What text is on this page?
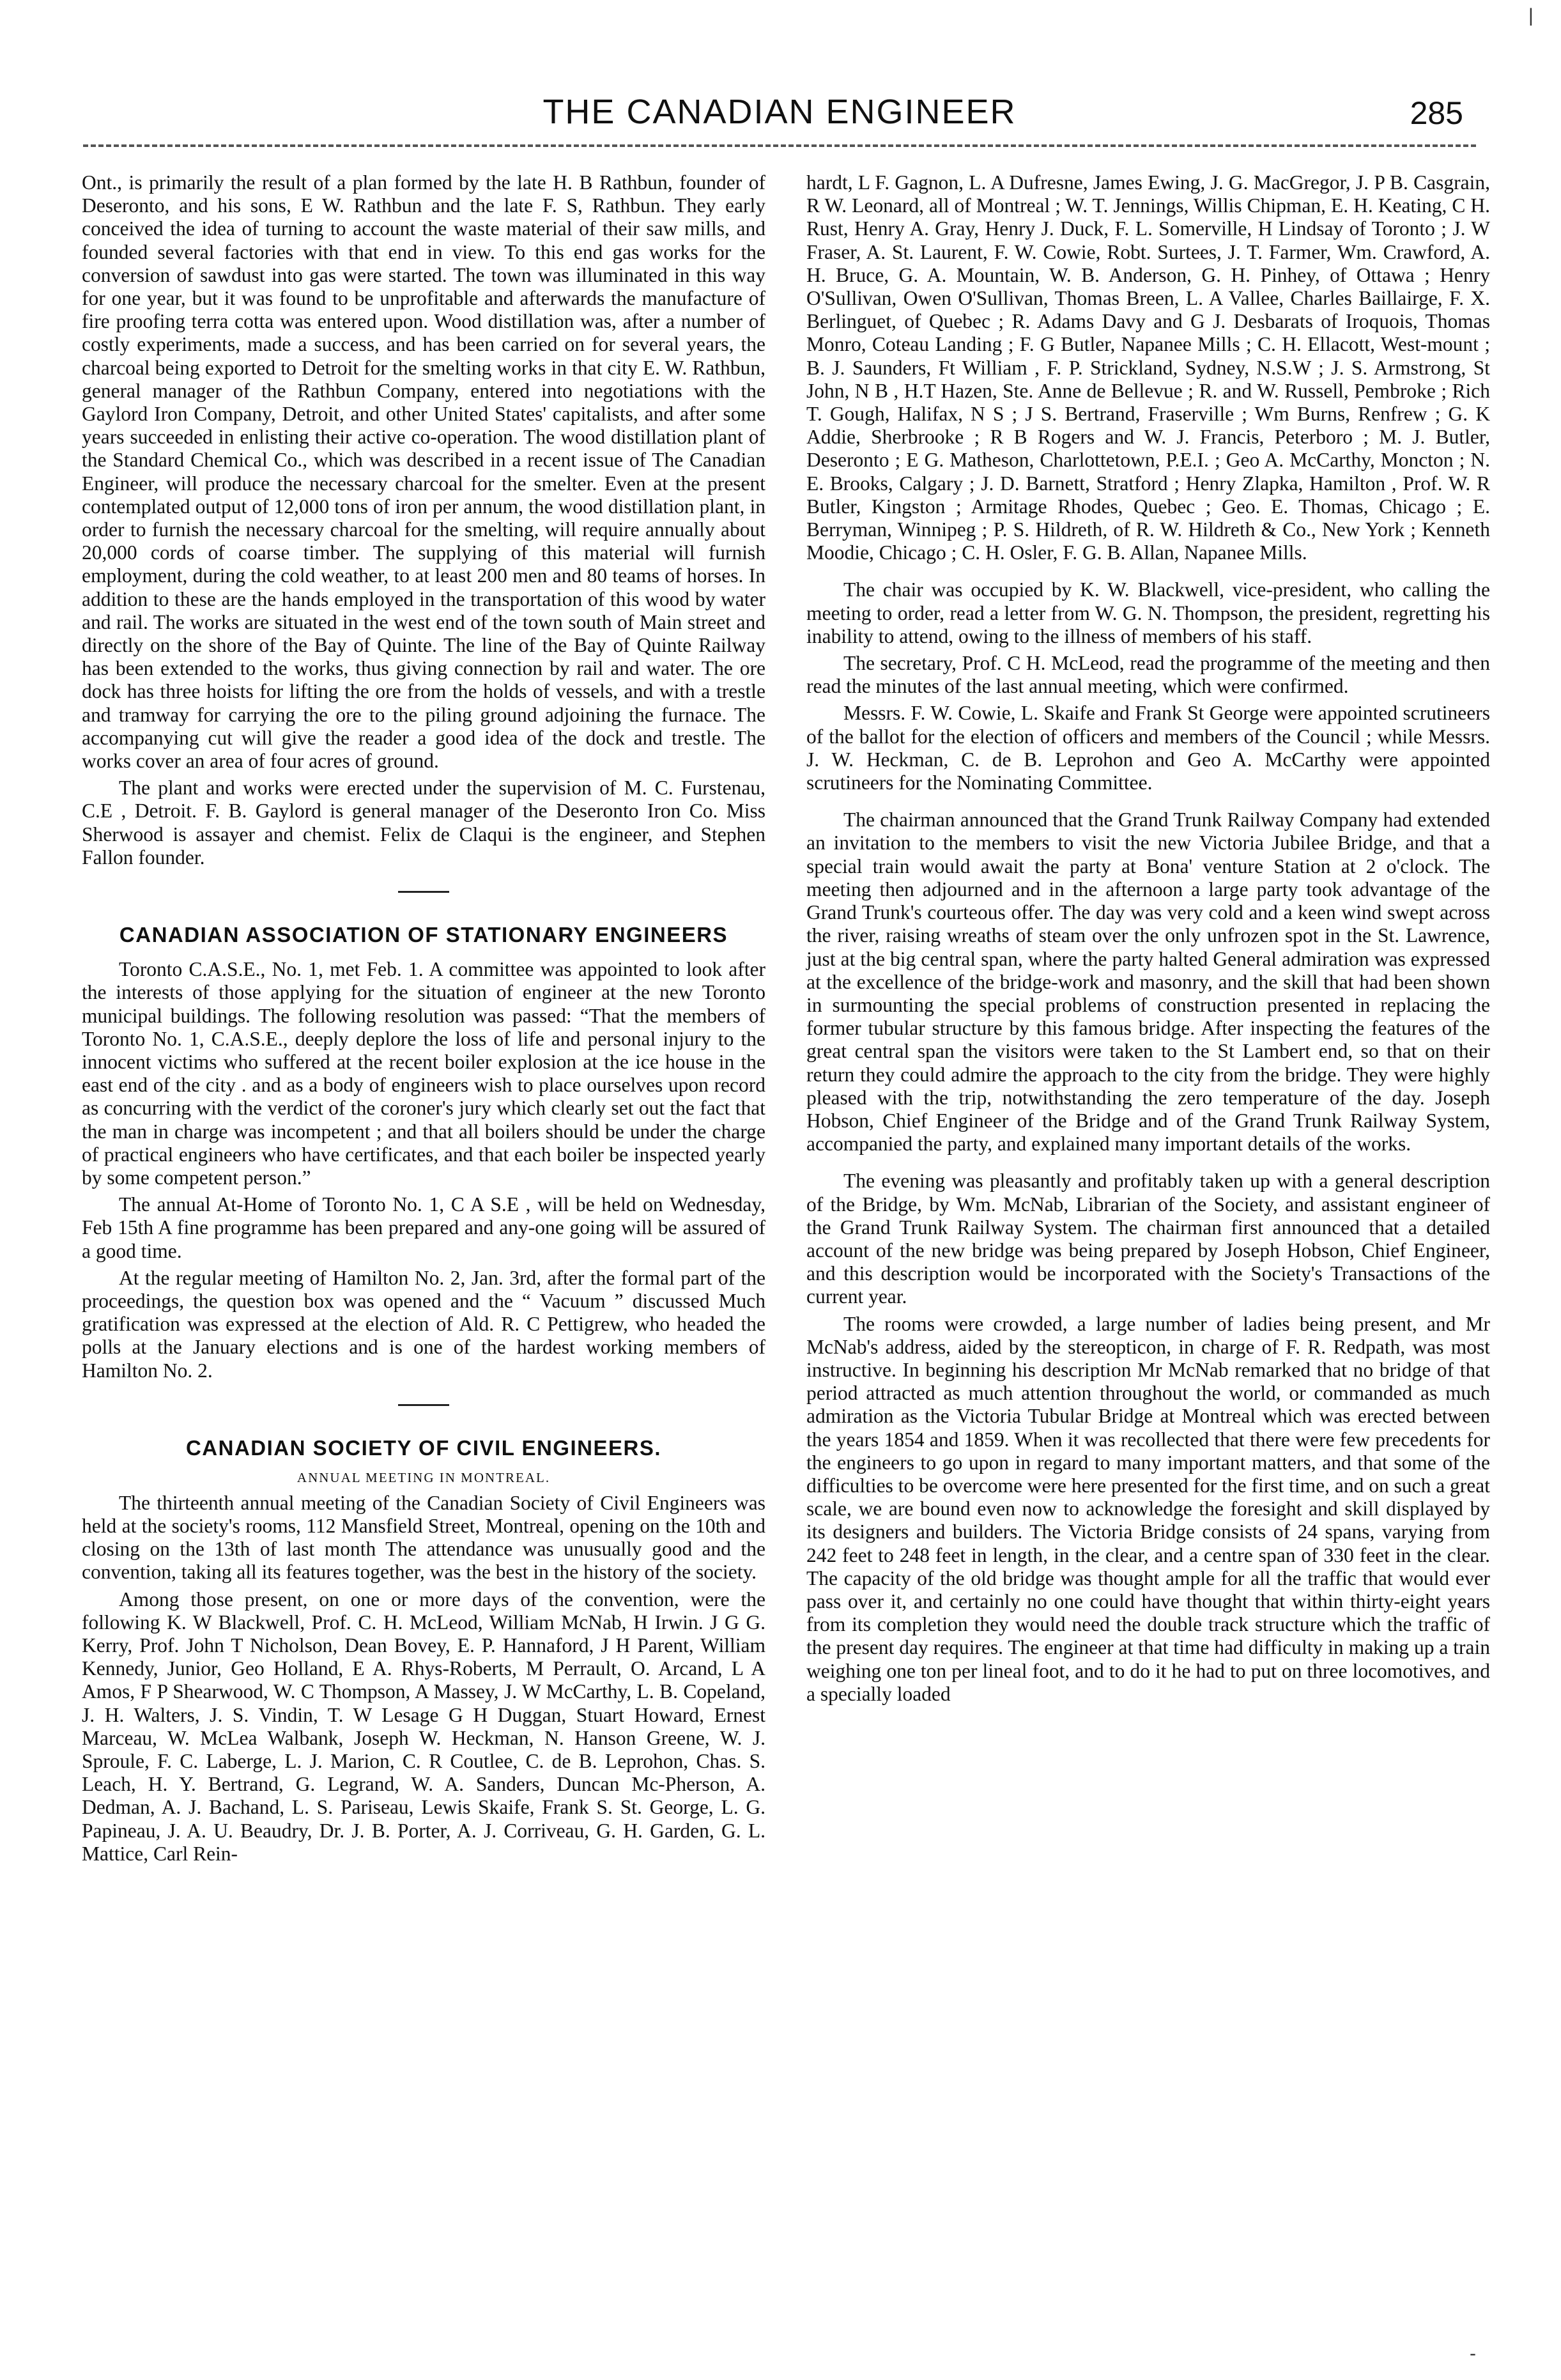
THE CANADIAN ENGINEER	285
|

Ont., is primarily the result of a plan formed by the late H. B Rathbun, founder of Deseronto, and his sons, E W. Rathbun and the late F. S, Rathbun. They early conceived the idea of turning to account the waste material of their saw mills, and founded several factories with that end in view. To this end gas works for the conversion of sawdust into gas were started. The town was illuminated in this way for one year, but it was found to be unprofitable and afterwards the manufacture of fire proofing terra cotta was entered upon. Wood distillation was, after a number of costly experiments, made a success, and has been carried on for several years, the charcoal being exported to Detroit for the smelting works in that city E. W. Rathbun, general manager of the Rathbun Company, entered into negotiations with the Gaylord Iron Company, Detroit, and other United States' capitalists, and after some years succeeded in enlisting their active co-operation. The wood distillation plant of the Standard Chemical Co., which was described in a recent issue of The Canadian Engineer, will produce the necessary charcoal for the smelter. Even at the present contemplated output of 12,000 tons of iron per annum, the wood distillation plant, in order to furnish the necessary charcoal for the smelting, will require annually about 20,000 cords of coarse timber. The supplying of this material will furnish employment, during the cold weather, to at least 200 men and 80 teams of horses. In addition to these are the hands employed in the transportation of this wood by water and rail. The works are situated in the west end of the town south of Main street and directly on the shore of the Bay of Quinte. The line of the Bay of Quinte Railway has been extended to the works, thus giving connection by rail and water. The ore dock has three hoists for lifting the ore from the holds of vessels, and with a trestle and tramway for carrying the ore to the piling ground adjoining the furnace. The accompanying cut will give the reader a good idea of the dock and trestle. The works cover an area of four acres of ground.

The plant and works were erected under the supervision of M. C. Furstenau, C.E , Detroit. F. B. Gaylord is general manager of the Deseronto Iron Co. Miss Sherwood is assayer and chemist. Felix de Claqui is the engineer, and Stephen Fallon founder.

CANADIAN ASSOCIATION OF STATIONARY ENGINEERS

Toronto C.A.S.E., No. 1, met Feb. 1. A committee was appointed to look after the interests of those applying for the situation of engineer at the new Toronto municipal buildings. The following resolution was passed: “That the members of Toronto No. 1, C.A.S.E., deeply deplore the loss of life and personal injury to the innocent victims who suffered at the recent boiler explosion at the ice house in the east end of the city . and as a body of engineers wish to place ourselves upon record as concurring with the verdict of the coroner's jury which clearly set out the fact that the man in charge was incompetent ; and that all boilers should be under the charge of practical engineers who have certificates, and that each boiler be inspected yearly by some competent person.”

The annual At-Home of Toronto No. 1, C A S.E , will be held on Wednesday, Feb 15th A fine programme has been prepared and any-one going will be assured of a good time.

At the regular meeting of Hamilton No. 2, Jan. 3rd, after the formal part of the proceedings, the question box was opened and the “ Vacuum ” discussed Much gratification was expressed at the election of Ald. R. C Pettigrew, who headed the polls at the January elections and is one of the hardest working members of Hamilton No. 2.

CANADIAN SOCIETY OF CIVIL ENGINEERS.
ANNUAL MEETING IN MONTREAL.

The thirteenth annual meeting of the Canadian Society of Civil Engineers was held at the society's rooms, 112 Mansfield Street, Montreal, opening on the 10th and closing on the 13th of last month The attendance was unusually good and the convention, taking all its features together, was the best in the history of the society.

Among those present, on one or more days of the convention, were the following K. W Blackwell, Prof. C. H. McLeod, William McNab, H Irwin. J G G. Kerry, Prof. John T Nicholson, Dean Bovey, E. P. Hannaford, J H Parent, William Kennedy, Junior, Geo Holland, E A. Rhys-Roberts, M Perrault, O. Arcand, L A Amos, F P Shearwood, W. C Thompson, A Massey, J. W McCarthy, L. B. Copeland, J. H. Walters, J. S. Vindin, T. W Lesage G H Duggan, Stuart Howard, Ernest Marceau, W. McLea Walbank, Joseph W. Heckman, N. Hanson Greene, W. J. Sproule, F. C. Laberge, L. J. Marion, C. R Coutlee, C. de B. Leprohon, Chas. S. Leach, H. Y. Bertrand, G. Legrand, W. A. Sanders, Duncan Mc-Pherson, A. Dedman, A. J. Bachand, L. S. Pariseau, Lewis Skaife, Frank S. St. George, L. G. Papineau, J. A. U. Beaudry, Dr. J. B. Porter, A. J. Corriveau, G. H. Garden, G. L. Mattice, Carl Rein-

hardt, L F. Gagnon, L. A Dufresne, James Ewing, J. G. MacGregor, J. P B. Casgrain, R W. Leonard, all of Montreal ; W. T. Jennings, Willis Chipman, E. H. Keating, C H. Rust, Henry A. Gray, Henry J. Duck, F. L. Somerville, H Lindsay of Toronto ; J. W Fraser, A. St. Laurent, F. W. Cowie, Robt. Surtees, J. T. Farmer, Wm. Crawford, A. H. Bruce, G. A. Mountain, W. B. Anderson, G. H. Pinhey, of Ottawa ; Henry O'Sullivan, Owen O'Sullivan, Thomas Breen, L. A Vallee, Charles Baillairge, F. X. Berlinguet, of Quebec ; R. Adams Davy and G J. Desbarats of Iroquois, Thomas Monro, Coteau Landing ; F. G Butler, Napanee Mills ; C. H. Ellacott, West-mount ; B. J. Saunders, Ft William , F. P. Strickland, Sydney, N.S.W ; J. S. Armstrong, St John, N B , H.T Hazen, Ste. Anne de Bellevue ; R. and W. Russell, Pembroke ; Rich T. Gough, Halifax, N S ; J S. Bertrand, Fraserville ; Wm Burns, Renfrew ; G. K Addie, Sherbrooke ; R B Rogers and W. J. Francis, Peterboro ; M. J. Butler, Deseronto ; E G. Matheson, Charlottetown, P.E.I. ; Geo A. McCarthy, Moncton ; N. E. Brooks, Calgary ; J. D. Barnett, Stratford ; Henry Zlapka, Hamilton , Prof. W. R Butler, Kingston ; Armitage Rhodes, Quebec ; Geo. E. Thomas, Chicago ; E. Berryman, Winnipeg ; P. S. Hildreth, of R. W. Hildreth & Co., New York ; Kenneth Moodie, Chicago ; C. H. Osler, F. G. B. Allan, Napanee Mills.

The chair was occupied by K. W. Blackwell, vice-president, who calling the meeting to order, read a letter from W. G. N. Thompson, the president, regretting his inability to attend, owing to the illness of members of his staff.

The secretary, Prof. C H. McLeod, read the programme of the meeting and then read the minutes of the last annual meeting, which were confirmed.

Messrs. F. W. Cowie, L. Skaife and Frank St George were appointed scrutineers of the ballot for the election of officers and members of the Council ; while Messrs. J. W. Heckman, C. de B. Leprohon and Geo A. McCarthy were appointed scrutineers for the Nominating Committee.

The chairman announced that the Grand Trunk Railway Company had extended an invitation to the members to visit the new Victoria Jubilee Bridge, and that a special train would await the party at Bona' venture Station at 2 o'clock. The meeting then adjourned and in the afternoon a large party took advantage of the Grand Trunk's courteous offer. The day was very cold and a keen wind swept across the river, raising wreaths of steam over the only unfrozen spot in the St. Lawrence, just at the big central span, where the party halted General admiration was expressed at the excellence of the bridge-work and masonry, and the skill that had been shown in surmounting the special problems of construction presented in replacing the former tubular structure by this famous bridge. After inspecting the features of the great central span the visitors were taken to the St Lambert end, so that on their return they could admire the approach to the city from the bridge. They were highly pleased with the trip, notwithstanding the zero temperature of the day. Joseph Hobson, Chief Engineer of the Bridge and of the Grand Trunk Railway System, accompanied the party, and explained many important details of the works.

The evening was pleasantly and profitably taken up with a general description of the Bridge, by Wm. McNab, Librarian of the Society, and assistant engineer of the Grand Trunk Railway System. The chairman first announced that a detailed account of the new bridge was being prepared by Joseph Hobson, Chief Engineer, and this description would be incorporated with the Society's Transactions of the current year.

The rooms were crowded, a large number of ladies being present, and Mr McNab's address, aided by the stereopticon, in charge of F. R. Redpath, was most instructive. In beginning his description Mr McNab remarked that no bridge of that period attracted as much attention throughout the world, or commanded as much admiration as the Victoria Tubular Bridge at Montreal which was erected between the years 1854 and 1859. When it was recollected that there were few precedents for the engineers to go upon in regard to many important matters, and that some of the difficulties to be overcome were here presented for the first time, and on such a great scale, we are bound even now to acknowledge the foresight and skill displayed by its designers and builders. The Victoria Bridge consists of 24 spans, varying from 242 feet to 248 feet in length, in the clear, and a centre span of 330 feet in the clear. The capacity of the old bridge was thought ample for all the traffic that would ever pass over it, and certainly no one could have thought that within thirty-eight years from its completion they would need the double track structure which the traffic of the present day requires. The engineer at that time had difficulty in making up a train weighing one ton per lineal foot, and to do it he had to put on three locomotives, and a specially loaded

-
